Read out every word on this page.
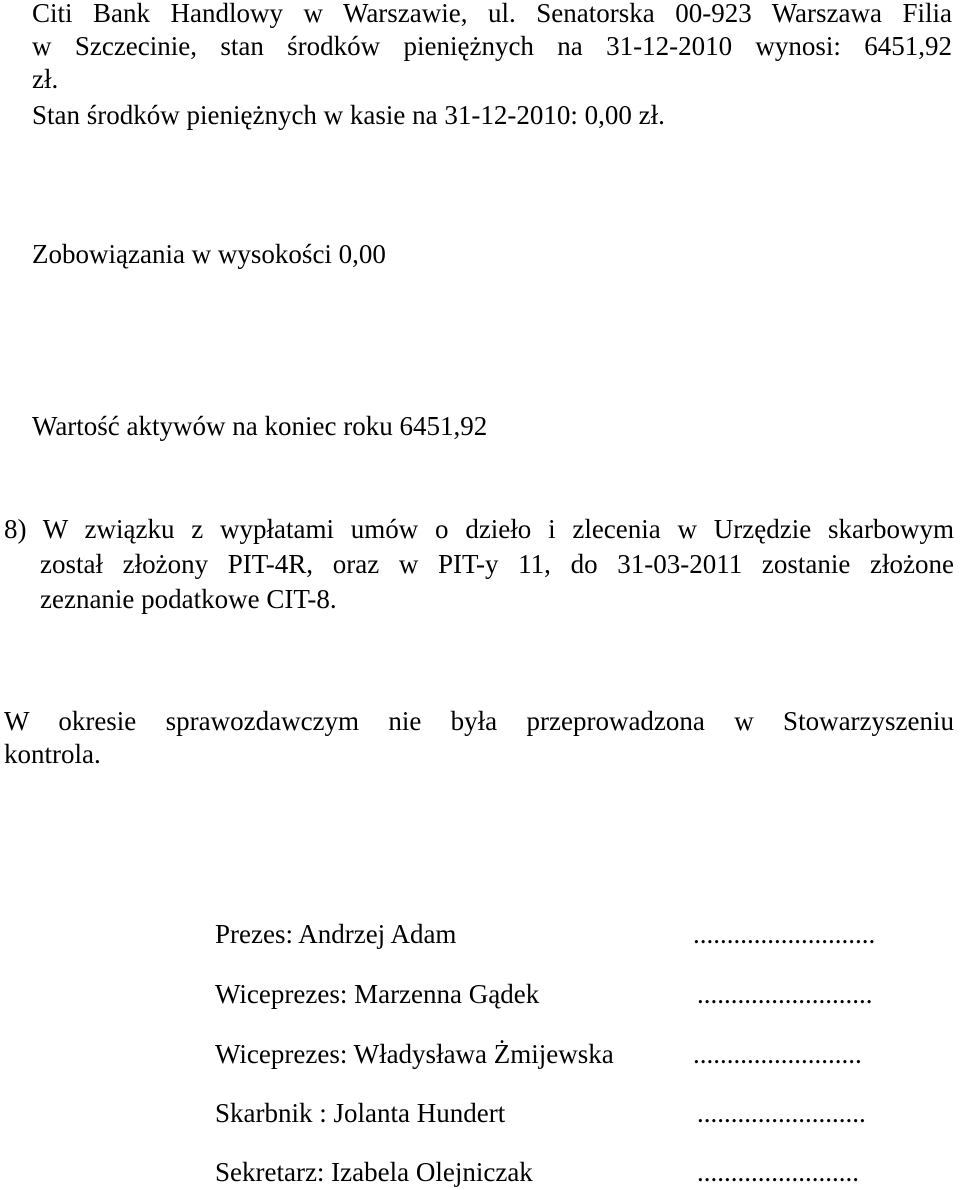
Citi Bank Handlowy w Warszawie, ul. Senatorska 00-923 Warszawa Filia
w Szczecinie, stan środków pieniężnych na 31-12-2010 wynosi: 6451,92
zł.
Stan środków pieniężnych w kasie na 31-12-2010: 0,00 zł.
Zobowiązania w wysokości 0,00
Wartość aktywów na koniec roku 6451,92
8) W związku z wypłatami umów o dzieło i zlecenia w Urzędzie skarbowym
został złożony PIT-4R, oraz w PIT-y 11, do 31-03-2011 zostanie złożone
zeznanie podatkowe CIT-8.
W okresie sprawozdawczym nie była przeprowadzona w Stowarzyszeniu
kontrola.
Prezes: Andrzej Adam	...........................
Wiceprezes: Marzenna Gądek	..........................
Wiceprezes: Władysława Żmijewska	.........................
Skarbnik : Jolanta Hundert	.........................
Sekretarz: Izabela Olejniczak	........................
